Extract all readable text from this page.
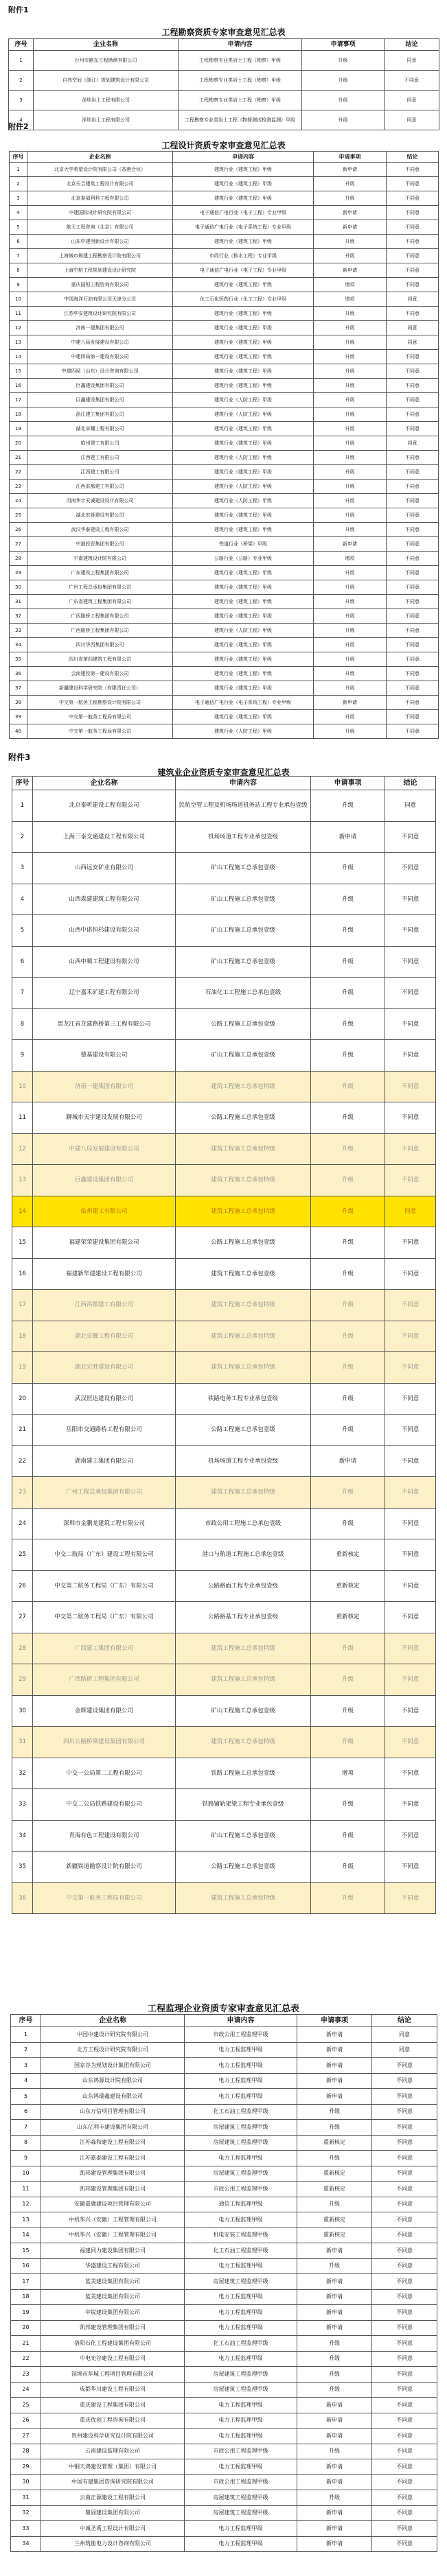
附件1
工程勘察资质专家审查意见汇总表
序号	企业名称	申请内容	申请事项	结论
1	台州市路东工程勘测有限公司	工程勘察专业类岩土工程（勘察）甲级	升级	同意
2	自然空间（浙江）规划建筑设计有限公司	工程勘察专业类岩土工程（勘察）甲级	升级	不同意
3	深圳岩土工程有限公司	工程勘察专业类岩土工程（勘察）甲级	升级	同意
4	深圳岩土工程有限公司	工程勘察专业类岩土工程（物探测试检测监测）甲级	升级	同意
附件2
工程设计资质专家审查意见汇总表
序号	企业名称	申请内容	申请事项	结论
1	北京大学希望设计院有限公司（香港合伙）	建筑行业（建筑工程）甲级	新申请	不同意
2	北京天合建筑工程设计有限公司	建筑行业（建筑工程）甲级	升级	不同意
3	北京泰福利科工程有限公司	建筑行业（建筑工程）甲级	升级	不同意
4	中建国际设计研究院有限公司	电子通信广电行业（电子工程）专业甲级	新申请	不同意
5	航天工程咨询（北京）有限公司	电子通信广电行业（电子系统工程）专业甲级	新申请	不同意
6	山东中建创新设计有限公司	建筑行业（建筑工程）甲级	升级	不同意
7	上海城市规建工程勘察设计院有限公司	市政行业（排水工程）专业甲级	升级	不同意
8	上海中船工程规划建设设计研究院	电子通信广电行业（电子工程）专业甲级	新申请	不同意
9	重庆国恒工程咨询有限公司	建筑行业（建筑工程）甲级	增项	不同意
10	中国海洋石油有限公司天津分公司	化工石化医药行业（化工工程）专业甲级	增项	同意
11	江苏华安建筑设计研究院有限公司	建筑行业（建筑工程）甲级	升级	不同意
12	济南一建集团有限公司	建筑行业（建筑工程）甲级	升级	同意
13	中建八局发展建设有限公司	建筑行业（建筑工程）甲级	升级	同意
14	中建四局第一建设有限公司	建筑行业（建筑工程）甲级	升级	不同意
15	中建四局（山东）设计咨询有限公司	建筑行业（建筑工程）甲级	升级	不同意
16	巨鑫建设集团有限公司	建筑行业（建筑工程）甲级	升级	不同意
17	巨鑫建设集团有限公司	建筑行业（人防工程）甲级	升级	不同意
18	浙江建工集团有限公司	建筑行业（人防工程）甲级	升级	不同意
19	湖北卓耀工程有限公司	建筑行业（建筑工程）甲级	升级	不同意
20	临州建工有限公司	建筑行业（建筑工程）甲级	升级	同意
21	江西建工有限公司	建筑行业（人防工程）甲级	升级	不同意
22	江西建工有限公司	建筑行业（建筑工程）甲级	升级	不同意
23	江西洪都建工有限公司	建筑行业（人防工程）甲级	升级	不同意
24	河南华宇天诚建设设计有限公司	建筑行业（人防工程）甲级	升级	不同意
25	湖北宏胜建设有限公司	建筑行业（建筑工程）甲级	升级	不同意
26	武汉华泰建设工程有限公司	建筑行业（建筑工程）甲级	升级	不同意
27	中港投资集团有限公司	铁道行业（桥梁）甲级	新申请	不同意
28	中南建筑设计院有限公司	公路行业（公路）专业甲级	增项	不同意
29	广东建设工程集团有限公司	建筑行业（建筑工程）甲级	升级	不同意
30	广州工程总承包集团有限公司	建筑行业（建筑工程）甲级	升级	不同意
31	广东省建筑工程集团有限公司	建筑行业（建筑工程）甲级	升级	不同意
32	广西路桥工程集团有限公司	建筑行业（建筑工程）甲级	升级	不同意
33	广西路桥工程集团有限公司	建筑行业（人防工程）甲级	升级	不同意
34	四川华西集团有限公司	建筑行业（建筑工程）甲级	升级	不同意
35	四川省第四建筑工程有限公司	建筑行业（建筑工程）甲级	升级	不同意
36	云南建投第一建设有限公司	建筑行业（建筑工程）甲级	升级	不同意
37	新疆建设科学研究院（有限责任公司）	建筑行业（建筑工程）甲级	升级	不同意
38	中交第一航务工程勘察设计院有限公司	电子通信广电行业（电子系统工程）专业甲级	新申请	不同意
39	中交第一航务工程局有限公司	建筑行业（建筑工程）甲级	升级	不同意
40	中交第一航务工程局有限公司	建筑行业（人防工程）甲级	升级	不同意
附件3
建筑业企业资质专家审查意见汇总表
序号	企业名称	申请内容	申请事项	结论
1	北京泰昕建设工程有限公司	民航空管工程及机场场道机务站工程专业承包壹级	升级	同意
2	上海三泰交通建设工程有限公司	机场场道工程专业承包壹级	新申请	不同意
3	山西远安矿业有限公司	矿山工程施工总承包壹级	升级	不同意
4	山西森建建筑工程有限公司	矿山工程施工总承包壹级	升级	不同意
5	山西中诺恒杉建设有限公司	矿山工程施工总承包壹级	升级	不同意
6	山西中顺工程建设有限公司	矿山工程施工总承包壹级	升级	不同意
7	辽宁嘉禾矿建工程有限公司	石油化工工程施工总承包壹级	升级	不同意
8	黑龙江省龙建路桥第三工程有限公司	公路工程施工总承包壹级	升级	不同意
9	德基建设有限公司	矿山工程施工总承包壹级	升级	不同意
10	济南一建集团有限公司	建筑工程施工总承包特级	升级	不同意
11	聊城市天宇建设发展有限公司	公路工程施工总承包壹级	升级	不同意
12	中建八局发展建设有限公司	建筑工程施工总承包特级	升级	不同意
13	巨鑫建设集团有限公司	建筑工程施工总承包特级	升级	不同意
14	临州建工有限公司	建筑工程施工总承包特级	升级	同意
15	福建荣荣建设集团有限公司	公路工程施工总承包壹级	升级	不同意
16	福建新华建建设工程有限公司	建筑工程施工总承包壹级	升级	不同意
17	江西洪都建工有限公司	建筑工程施工总承包特级	升级	不同意
18	湖北卓耀工程有限公司	建筑工程施工总承包特级	升级	不同意
19	湖北宏胜建设有限公司	建筑工程施工总承包特级	升级	不同意
20	武汉恒达建设有限公司	铁路电务工程专业承包壹级	升级	不同意
21	岳阳市交通路桥工程有限公司	公路工程施工总承包壹级	升级	不同意
22	湖南建工集团有限公司	机场场道工程专业承包壹级	新申请	不同意
23	广州工程总承包集团有限公司	建筑工程施工总承包特级	升级	不同意
24	深圳市金鹏龙建筑工程有限公司	市政公用工程施工总承包壹级	升级	不同意
25	中交二航局（广东）建设工程有限公司	港口与航道工程施工总承包壹级	重新核定	不同意
26	中交第二航务工程局（广东）有限公司	公路路面工程专业承包壹级	重新核定	不同意
27	中交第二航务工程局（广东）有限公司	公路路基工程专业承包壹级	重新核定	不同意
28	广西建工集团有限公司	建筑工程施工总承包特级	升级	不同意
29	广西路桥工程集团有限公司	建筑工程施工总承包特级	升级	不同意
30	金辉建设集团有限公司	矿山工程施工总承包壹级	升级	不同意
31	四川公路桥梁建设集团有限公司	建筑工程施工总承包特级	升级	不同意
32	中交一公局第二工程有限公司	铁路工程施工总承包壹级	增项	不同意
33	中交二公局铁路建设有限公司	铁路铺轨架梁工程专业承包壹级	升级	不同意
34	青海有色工程建设有限公司	矿山工程施工总承包壹级	升级	不同意
35	新疆铁道勘察设计院有限公司	公路工程施工总承包壹级	升级	不同意
36	中交第一航务工程局有限公司	建筑工程施工总承包特级	升级	不同意
工程监理企业资质专家审查意见汇总表
序号	企业名称	申请内容	申请事项	结论
1	中国中建设计研究院有限公司	市政公用工程监理甲级	新申请	同意
2	北方工程设计研究院有限公司	电力工程监理甲级	新申请	同意
3	国家谷为规划设计集团有限公司	电力工程监理甲级	新申请	不同意
4	山东鸿源设计院有限公司	电力工程监理甲级	新申请	不同意
5	山东鸿瑞鑫建设有限公司	电力工程监理甲级	新申请	不同意
6	山东万信项目管理有限公司	化工石油工程监理甲级	升级	不同意
7	山东亿利丰建设集团有限公司	房屋建筑工程监理甲级	升级	不同意
8	江苏森和建设工程有限公司	房屋建筑工程监理甲级	重新核定	不同意
9	江苏嘉泰建设工程有限公司	电力工程监理甲级	升级	不同意
10	凯邦建设管理集团有限公司	房屋建筑工程监理甲级	重新核定	不同意
11	凯邦建设管理集团有限公司	市政公用工程监理甲级	重新核定	不同意
12	安徽嘉冀建设项目管理有限公司	通信工程监理甲级	升级	不同意
13	中机华兴（安徽）工程管理有限公司	电力工程监理甲级	重新核定	不同意
14	中机华兴（安徽）工程管理有限公司	机电安装工程监理甲级	重新核定	不同意
15	福建同力建设集团有限公司	化工石油工程监理甲级	新申请	不同意
16	华盛建设工程有限公司	电力工程监理甲级	升级	不同意
17	蓝美建设集团有限公司	房屋建筑工程监理甲级	新申请	不同意
18	蓝美建设集团有限公司	电力工程监理甲级	新申请	不同意
19	中锐建设集团有限公司	电力工程监理甲级	新申请	不同意
20	凯邦建设管理集团有限公司	电力工程监理甲级	新申请	不同意
21	洛阳石化工程建设集团有限公司	化工石油工程监理甲级	升级	不同意
22	中电光谷建设工程有限公司	电力工程监理甲级	升级	不同意
23	深圳市华城工程项目管理有限公司	房屋建筑工程监理甲级	升级	不同意
24	成都华川建设工程有限公司	房屋建筑工程监理甲级	升级	不同意
25	重庆建设工程集团有限公司	电力工程监理甲级	新申请	不同意
26	重庆优创工程咨询有限公司	电力工程监理甲级	新申请	不同意
27	贵州建设科学研究设计院有限公司	电力工程监理甲级	新申请	不同意
28	云南建设监理有限公司	市政公用工程监理甲级	升级	不同意
29	中钢天鸿建设管理（集团）有限公司	电力工程监理甲级	新申请	不同意
30	中国有建集团咨询研究院有限公司	市政公用工程监理甲级	新申请	不同意
31	云南正源建设工程有限公司	房屋建筑工程监理甲级	升级	不同意
32	鼎固建设集团有限公司	房屋建筑工程监理甲级	新申请	不同意
33	中诚圣禹工程设计有限公司	电力工程监理甲级	新申请	不同意
34	兰州筑能电力设计咨询有限公司	电力工程监理甲级	新申请	不同意
